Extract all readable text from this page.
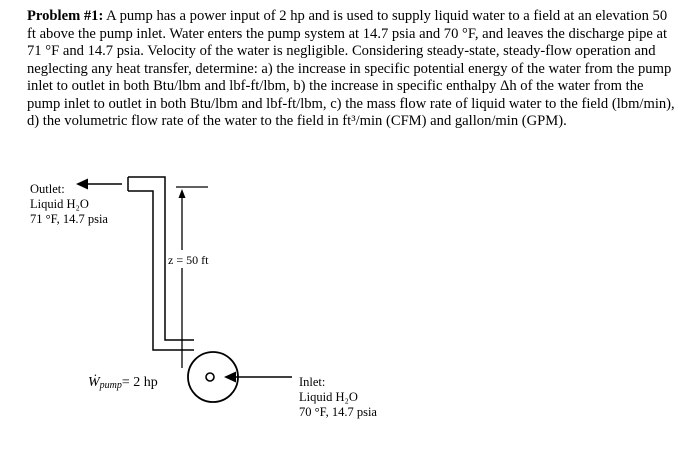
Problem #1: A pump has a power input of 2 hp and is used to supply liquid water to a field at an elevation 50 ft above the pump inlet. Water enters the pump system at 14.7 psia and 70 °F, and leaves the discharge pipe at 71 °F and 14.7 psia. Velocity of the water is negligible. Considering steady-state, steady-flow operation and neglecting any heat transfer, determine: a) the increase in specific potential energy of the water from the pump inlet to outlet in both Btu/lbm and lbf-ft/lbm, b) the increase in specific enthalpy Δh of the water from the pump inlet to outlet in both Btu/lbm and lbf-ft/lbm, c) the mass flow rate of liquid water to the field (lbm/min), d) the volumetric flow rate of the water to the field in ft³/min (CFM) and gallon/min (GPM).
Outlet:
Liquid H₂O
71 °F, 14.7 psia
z = 50 ft
Ẇ$_{pump}$= 2 hp	Inlet:
Liquid H₂O
70 °F, 14.7 psia
